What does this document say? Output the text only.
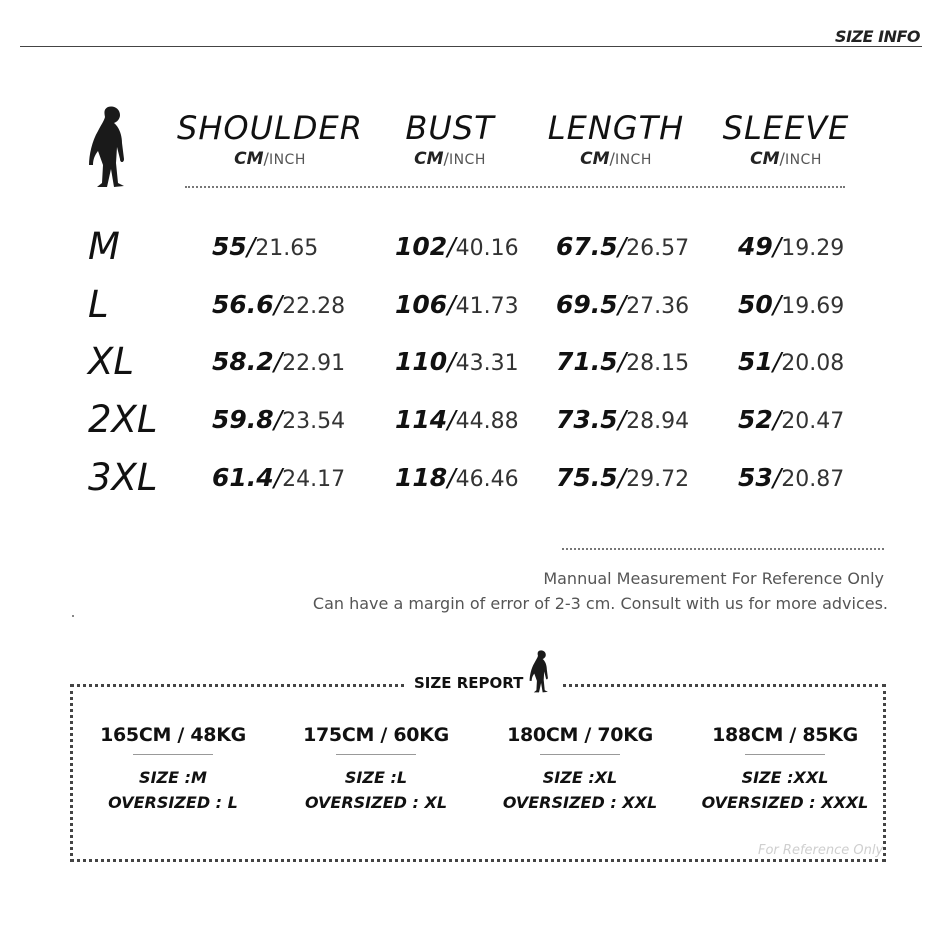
SIZE INFO
SHOULDER
CM/INCH
BUST
CM/INCH
LENGTH
CM/INCH
SLEEVE
CM/INCH
M	55/21.65	102/40.16 67.5/26.57 49/19.29
L	56.6/22.28 106/41.73 69.5/27.36 50/19.69
XL	58.2/22.91 110/43.31 71.5/28.15 51/20.08
2XL 59.8/23.54 114/44.88 73.5/28.94 52/20.47
3XL 61.4/24.17 118/46.46 75.5/29.72 53/20.87
Mannual Measurement For Reference Only
Can have a margin of error of 2-3 cm. Consult with us for more advices.
SIZE REPORT
165CM / 48KG
SIZE :M
OVERSIZED : L
175CM / 60KG
SIZE :L
OVERSIZED : XL
180CM / 70KG
SIZE :XL
OVERSIZED : XXL
188CM / 85KG
SIZE :XXL
OVERSIZED : XXXL
For Reference Only
